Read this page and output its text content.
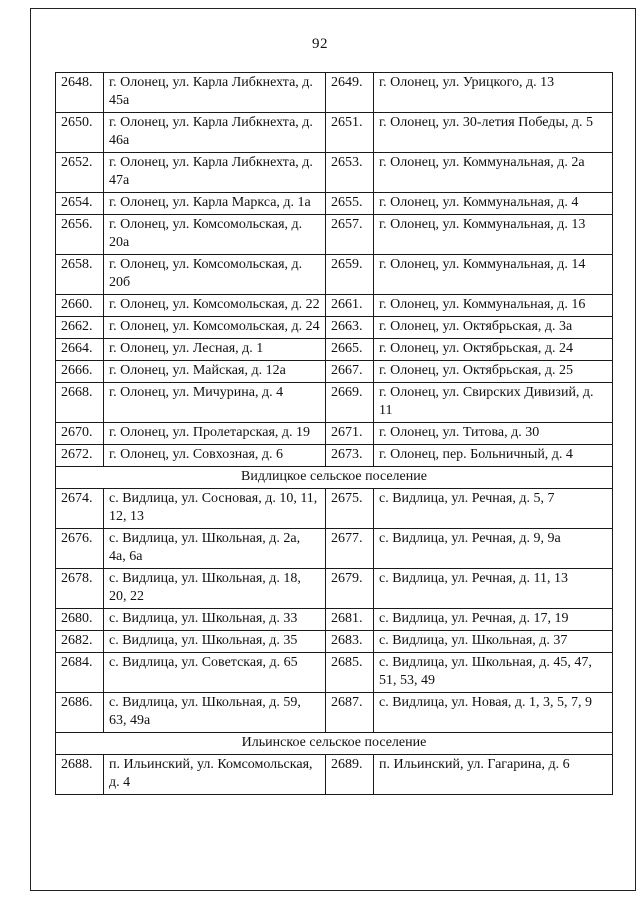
92
2648.	г. Олонец, ул. Карла Либкнехта, д. 45а	2649.	г. Олонец, ул. Урицкого, д. 13
2650.	г. Олонец, ул. Карла Либкнехта, д. 46а	2651.	г. Олонец, ул. 30-летия Победы, д. 5
2652.	г. Олонец, ул. Карла Либкнехта, д. 47а	2653.	г. Олонец, ул. Коммунальная, д. 2а
2654.	г. Олонец, ул. Карла Маркса, д. 1а	2655.	г. Олонец, ул. Коммунальная, д. 4
2656.	г. Олонец, ул. Комсомольская, д. 20а	2657.	г. Олонец, ул. Коммунальная, д. 13
2658.	г. Олонец, ул. Комсомольская, д. 20б	2659.	г. Олонец, ул. Коммунальная, д. 14
2660.	г. Олонец, ул. Комсомольская, д. 22	2661.	г. Олонец, ул. Коммунальная, д. 16
2662.	г. Олонец, ул. Комсомольская, д. 24	2663.	г. Олонец, ул. Октябрьская, д. 3а
2664.	г. Олонец, ул. Лесная, д. 1	2665.	г. Олонец, ул. Октябрьская, д. 24
2666.	г. Олонец, ул. Майская, д. 12а	2667.	г. Олонец, ул. Октябрьская, д. 25
2668.	г. Олонец, ул. Мичурина, д. 4	2669.	г. Олонец, ул. Свирских Дивизий, д. 11
2670.	г. Олонец, ул. Пролетарская, д. 19	2671.	г. Олонец, ул. Титова, д. 30
2672.	г. Олонец, ул. Совхозная, д. 6	2673.	г. Олонец, пер. Больничный, д. 4
Видлицкое сельское поселение			
2674.	с. Видлица, ул. Сосновая, д. 10, 11, 12, 13	2675.	с. Видлица, ул. Речная, д. 5, 7
2676.	с. Видлица, ул. Школьная, д. 2а, 4а, 6а	2677.	с. Видлица, ул. Речная, д. 9, 9а
2678.	с. Видлица, ул. Школьная, д. 18, 20, 22	2679.	с. Видлица, ул. Речная, д. 11, 13
2680.	с. Видлица, ул. Школьная, д. 33	2681.	с. Видлица, ул. Речная, д. 17, 19
2682.	с. Видлица, ул. Школьная, д. 35	2683.	с. Видлица, ул. Школьная, д. 37
2684.	с. Видлица, ул. Советская, д. 65	2685.	с. Видлица, ул. Школьная, д. 45, 47, 51, 53, 49
2686.	с. Видлица, ул. Школьная, д. 59, 63, 49а	2687.	с. Видлица, ул. Новая, д. 1, 3, 5, 7, 9
Ильинское сельское поселение			
2688.	п. Ильинский, ул. Комсомольская, д. 4	2689.	п. Ильинский, ул. Гагарина, д. 6
